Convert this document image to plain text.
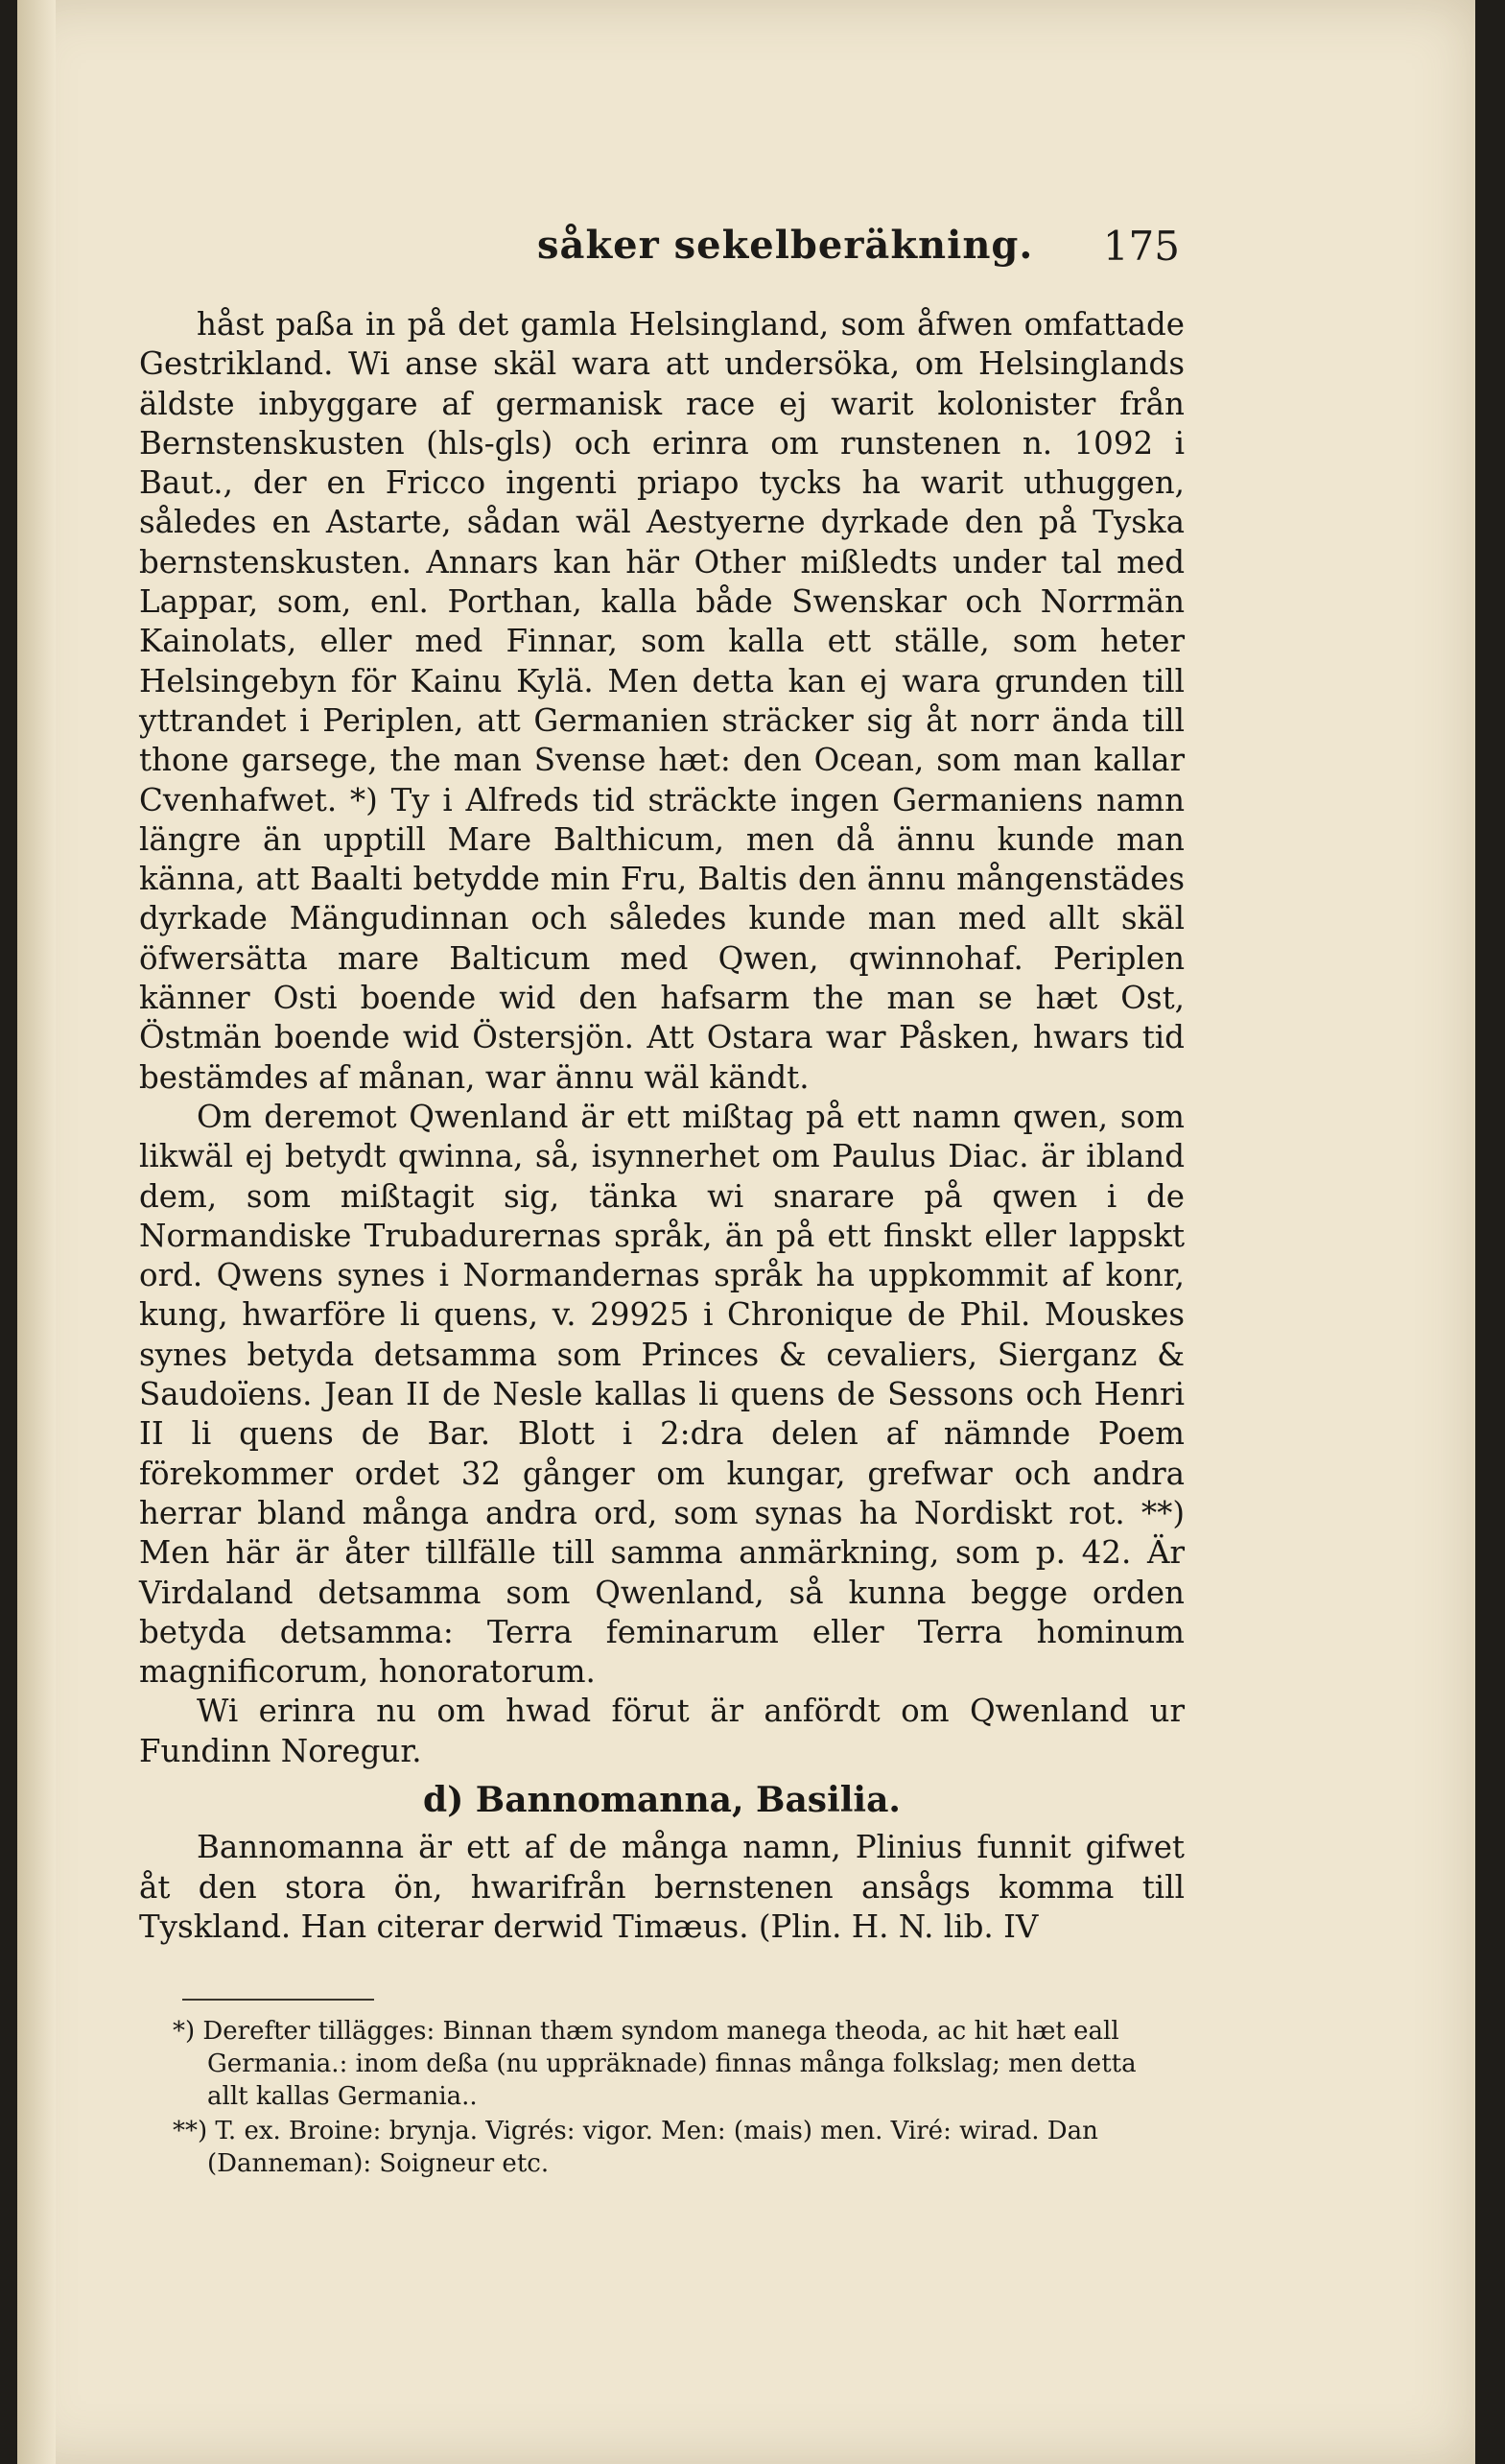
såker sekelberäkning. 175

håst paßa in på det gamla Helsingland, som åfwen omfattade Gestrikland. Wi anse skäl wara att undersöka, om Helsinglands äldste inbyggare af germanisk race ej warit kolonister från Bernstenskusten (hls-gls) och erinra om runstenen n. 1092 i Baut., der en Fricco ingenti priapo tycks ha warit uthuggen, således en Astarte, sådan wäl Aestyerne dyrkade den på Tyska bernstenskusten. Annars kan här Other mißledts under tal med Lappar, som, enl. Porthan, kalla både Swenskar och Norrmän Kainolats, eller med Finnar, som kalla ett ställe, som heter Helsingebyn för Kainu Kylä. Men detta kan ej wara grunden till yttrandet i Periplen, att Germanien sträcker sig åt norr ända till thone garsege, the man Svense hæt: den Ocean, som man kallar Cvenhafwet. *) Ty i Alfreds tid sträckte ingen Germaniens namn längre än upptill Mare Balthicum, men då ännu kunde man känna, att Baalti betydde min Fru, Baltis den ännu mångenstädes dyrkade Mängudinnan och således kunde man med allt skäl öfwersätta mare Balticum med Qwen, qwinnohaf. Periplen känner Osti boende wid den hafsarm the man se hæt Ost, Östmän boende wid Östersjön. Att Ostara war Påsken, hwars tid bestämdes af månan, war ännu wäl kändt.

Om deremot Qwenland är ett mißtag på ett namn qwen, som likwäl ej betydt qwinna, så, isynnerhet om Paulus Diac. är ibland dem, som mißtagit sig, tänka wi snarare på qwen i de Normandiske Trubadurernas språk, än på ett finskt eller lappskt ord. Qwens synes i Normandernas språk ha uppkommit af konr, kung, hwarföre li quens, v. 29925 i Chronique de Phil. Mouskes synes betyda detsamma som Princes & cevaliers, Sierganz & Saudoïens. Jean II de Nesle kallas li quens de Sessons och Henri II li quens de Bar. Blott i 2:dra delen af nämnde Poem förekommer ordet 32 gånger om kungar, grefwar och andra herrar bland många andra ord, som synas ha Nordiskt rot. **) Men här är åter tillfälle till samma anmärkning, som p. 42. Är Virdaland detsamma som Qwenland, så kunna begge orden betyda detsamma: Terra feminarum eller Terra hominum magnificorum, honoratorum.

Wi erinra nu om hwad förut är anfördt om Qwenland ur Fundinn Noregur.

d) Bannomanna, Basilia.

Bannomanna är ett af de många namn, Plinius funnit gifwet åt den stora ön, hwarifrån bernstenen ansågs komma till Tyskland. Han citerar derwid Timæus. (Plin. H. N. lib. IV

*) Derefter tillägges: Binnan thæm syndom manega theoda, ac hit hæt eall Germania.: inom deßa (nu uppräknade) finnas många folkslag; men detta allt kallas Germania..

**) T. ex. Broine: brynja. Vigrés: vigor. Men: (mais) men. Viré: wirad. Dan (Danneman): Soigneur etc.
